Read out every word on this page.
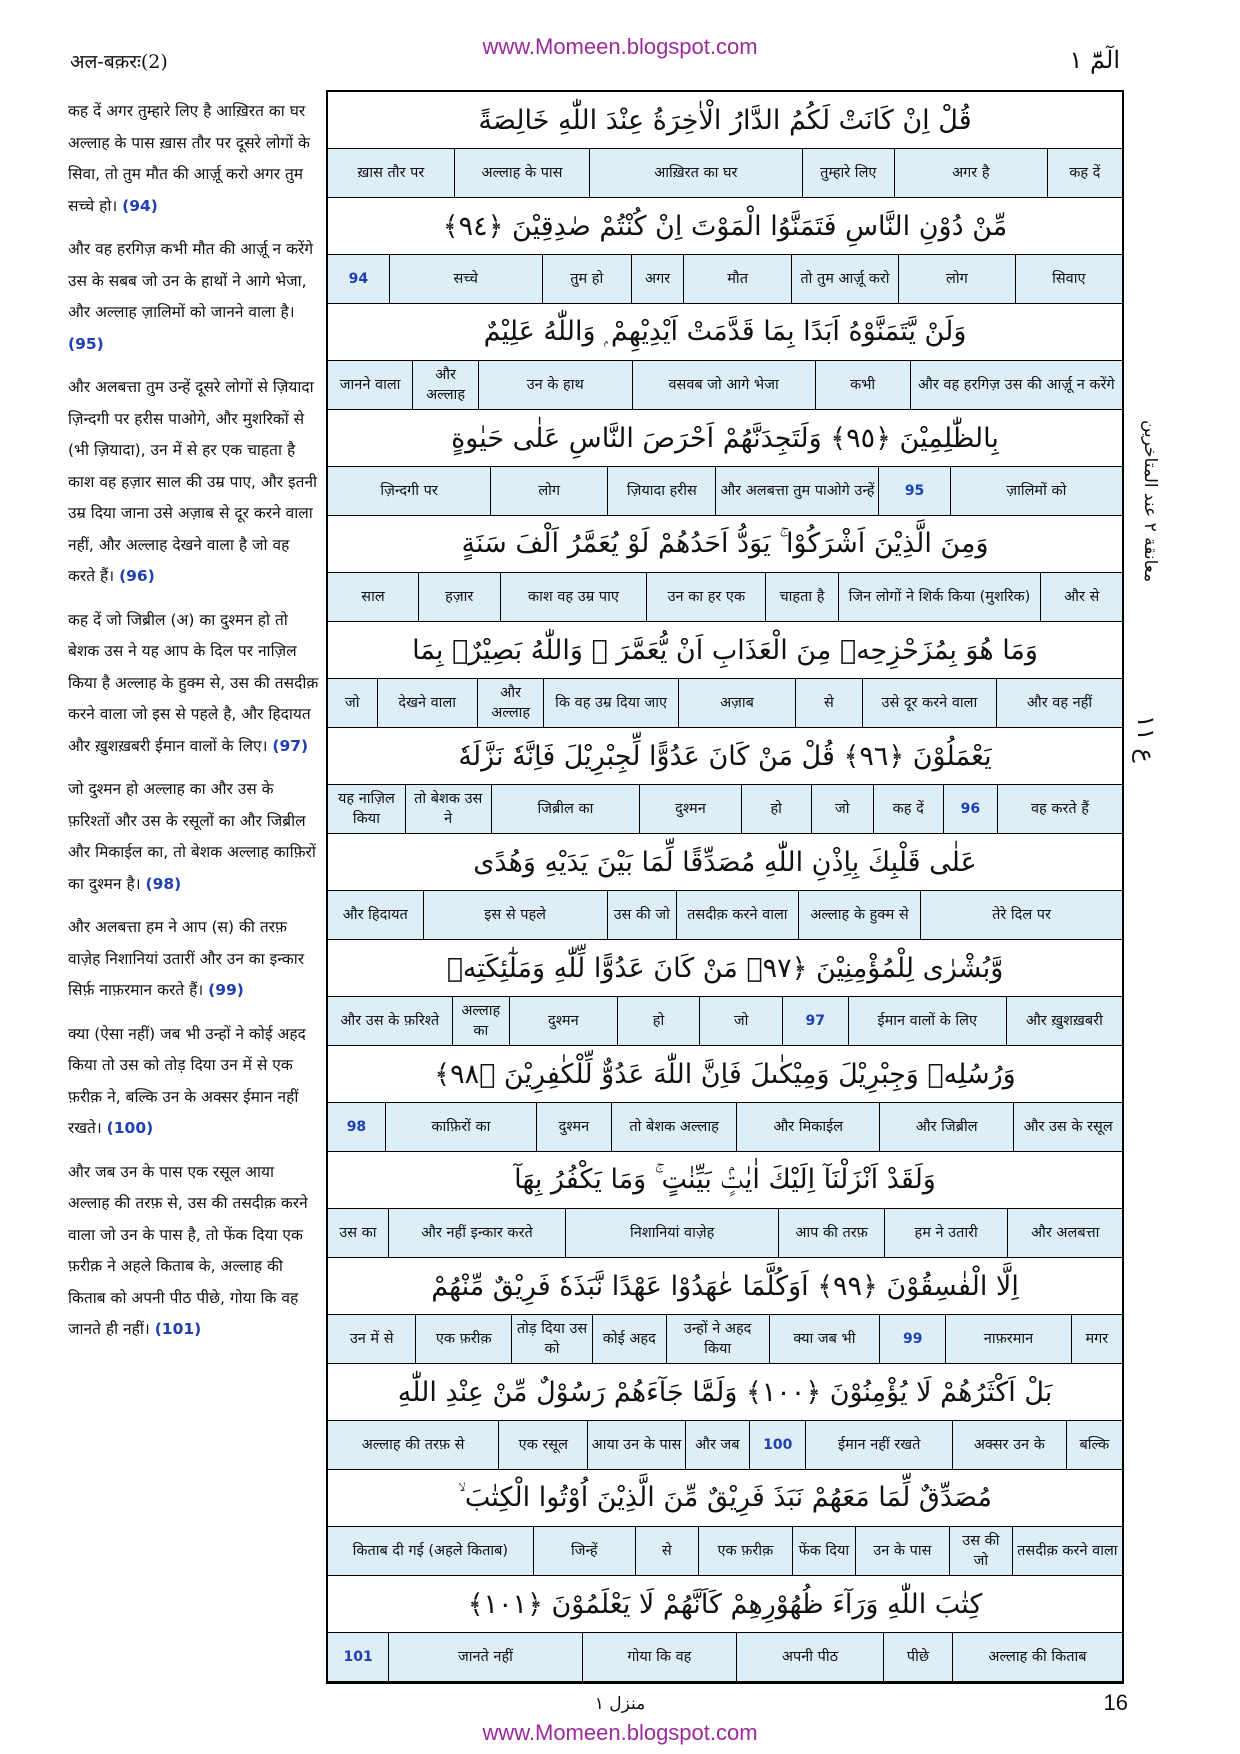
अल-बक़रः(2)
www.Momeen.blogspot.com	الٓمّٓ ١

कह दें अगर तुम्हारे लिए है आख़िरत का घर अल्लाह के पास ख़ास तौर पर दूसरे लोगों के सिवा, तो तुम मौत की आर्ज़ू करो अगर तुम सच्चे हो। (94)

और वह हरगिज़ कभी मौत की आर्ज़ू न करेंगे उस के सबब जो उन के हाथों ने आगे भेजा, और अल्लाह ज़ालिमों को जानने वाला है। (95)

और अलबत्ता तुम उन्हें दूसरे लोगों से ज़ियादा ज़िन्दगी पर हरीस पाओगे, और मुशरिकों से (भी ज़ियादा), उन में से हर एक चाहता है काश वह हज़ार साल की उम्र पाए, और इतनी उम्र दिया जाना उसे अज़ाब से दूर करने वाला नहीं, और अल्लाह देखने वाला है जो वह करते हैं। (96)

कह दें जो जिब्रील (अ) का दुश्मन हो तो बेशक उस ने यह आप के दिल पर नाज़िल किया है अल्लाह के हुक्म से, उस की तसदीक़ करने वाला जो इस से पहले है, और हिदायत और ख़ुशख़बरी ईमान वालों के लिए। (97)

जो दुश्मन हो अल्लाह का और उस के फ़रिश्तों और उस के रसूलों का और जिब्रील और मिकाईल का, तो बेशक अल्लाह काफ़िरों का दुश्मन है। (98)

और अलबत्ता हम ने आप (स) की तरफ़ वाज़ेह निशानियां उतारीं और उन का इन्कार सिर्फ़ नाफ़रमान करते हैं। (99)

क्या (ऐसा नहीं) जब भी उन्हों ने कोई अहद किया तो उस को तोड़ दिया उन में से एक फ़रीक़ ने, बल्कि उन के अक्सर ईमान नहीं रखते। (100)

और जब उन के पास एक रसूल आया अल्लाह की तरफ़ से, उस की तसदीक़ करने वाला जो उन के पास है, तो फेंक दिया एक फ़रीक़ ने अहले किताब के, अल्लाह की किताब को अपनी पीठ पीछे, गोया कि वह जानते ही नहीं। (101)

قُلْ اِنْ كَانَتْ لَكُمُ الدَّارُ الْاٰخِرَةُ عِنْدَ اللّٰهِ خَالِصَةً
कह दें
अगर है
तुम्हारे लिए
आख़िरत का घर
अल्लाह के पास
ख़ास तौर पर
مِّنْ دُوْنِ النَّاسِ فَتَمَنَّوُا الْمَوْتَ اِنْ كُنْتُمْ صٰدِقِيْنَ ﴿٩٤﴾
सिवाए
लोग
तो तुम आर्ज़ू करो
मौत
अगर
तुम हो
सच्चे
94
وَلَنْ يَّتَمَنَّوْهُ اَبَدًا بِمَا قَدَّمَتْ اَيْدِيْهِمْ ۭ وَاللّٰهُ عَلِيْمٌ
और वह हरगिज़ उस की आर्ज़ू न करेंगे
कभी
वसवब जो आगे भेजा
उन के हाथ
और अल्लाह
जानने वाला
بِالظّٰلِمِيْنَ ﴿٩٥﴾ وَلَتَجِدَنَّهُمْ اَحْرَصَ النَّاسِ عَلٰى حَيٰوةٍ
ज़ालिमों को
95
और अलबत्ता तुम पाओगे उन्हें
ज़ियादा हरीस
लोग
ज़िन्दगी पर
وَمِنَ الَّذِيْنَ اَشْرَكُوْا ۚ يَوَدُّ اَحَدُهُمْ لَوْ يُعَمَّرُ اَلْفَ سَنَةٍ
और से
जिन लोगों ने शिर्क किया (मुशरिक)
चाहता है
उन का हर एक
काश वह उम्र पाए
हज़ार
साल
وَمَا هُوَ بِمُزَحْزِحِهٖ مِنَ الْعَذَابِ اَنْ يُّعَمَّرَ ۭ وَاللّٰهُ بَصِيْرٌۢ بِمَا
और वह नहीं
उसे दूर करने वाला
से
अज़ाब
कि वह उम्र दिया जाए
और अल्लाह
देखने वाला
जो
يَعْمَلُوْنَ ﴿٩٦﴾ قُلْ مَنْ كَانَ عَدُوًّا لِّجِبْرِيْلَ فَاِنَّهٗ نَزَّلَهٗ
वह करते हैं
96
कह दें
जो
हो
दुश्मन
जिब्रील का
तो बेशक उस ने
यह नाज़िल किया
عَلٰى قَلْبِكَ بِاِذْنِ اللّٰهِ مُصَدِّقًا لِّمَا بَيْنَ يَدَيْهِ وَهُدًى
तेरे दिल पर
अल्लाह के हुक्म से
तसदीक़ करने वाला
उस की जो
इस से पहले
और हिदायत
وَّبُشْرٰى لِلْمُؤْمِنِيْنَ ﴿٩٧﴾ مَنْ كَانَ عَدُوًّا لِّلّٰهِ وَمَلٰٓئِكَتِهٖ
और ख़ुशख़बरी
ईमान वालों के लिए
97
जो
हो
दुश्मन
अल्लाह का
और उस के फ़रिश्ते
وَرُسُلِهٖ وَجِبْرِيْلَ وَمِيْكٰىلَ فَاِنَّ اللّٰهَ عَدُوٌّ لِّلْكٰفِرِيْنَ ﴿٩٨﴾
और उस के रसूल
और जिब्रील
और मिकाईल
तो बेशक अल्लाह
दुश्मन
काफ़िरों का
98
وَلَقَدْ اَنْزَلْنَآ اِلَيْكَ اٰيٰتٍۢ بَيِّنٰتٍ ۚ وَمَا يَكْفُرُ بِهَآ
और अलबत्ता
हम ने उतारी
आप की तरफ़
निशानियां वाज़ेह
और नहीं इन्कार करते
उस का
اِلَّا الْفٰسِقُوْنَ ﴿٩٩﴾ اَوَكُلَّمَا عٰهَدُوْا عَهْدًا نَّبَذَهٗ فَرِيْقٌ مِّنْهُمْ
मगर
नाफ़रमान
99
क्या जब भी
उन्हों ने अहद किया
कोई अहद
तोड़ दिया उस को
एक फ़रीक़
उन में से
بَلْ اَكْثَرُهُمْ لَا يُؤْمِنُوْنَ ﴿١٠٠﴾ وَلَمَّا جَآءَهُمْ رَسُوْلٌ مِّنْ عِنْدِ اللّٰهِ
बल्कि
अक्सर उन के
ईमान नहीं रखते
100
और जब
आया उन के पास
एक रसूल
अल्लाह की तरफ़ से
مُصَدِّقٌ لِّمَا مَعَهُمْ نَبَذَ فَرِيْقٌ مِّنَ الَّذِيْنَ اُوْتُوا الْكِتٰبَ ۙ
तसदीक़ करने वाला
उस की जो
उन के पास
फेंक दिया
एक फ़रीक़
से
जिन्हें
किताब दी गई (अहले किताब)
كِتٰبَ اللّٰهِ وَرَآءَ ظُهُوْرِهِمْ كَاَنَّهُمْ لَا يَعْلَمُوْنَ ﴿١٠١﴾
अल्लाह की किताब
पीछे
अपनी पीठ
गोया कि वह
जानते नहीं
101
معانقة ٢ عند المتاخرين
ع ١١
منزل ١	16
www.Momeen.blogspot.com
